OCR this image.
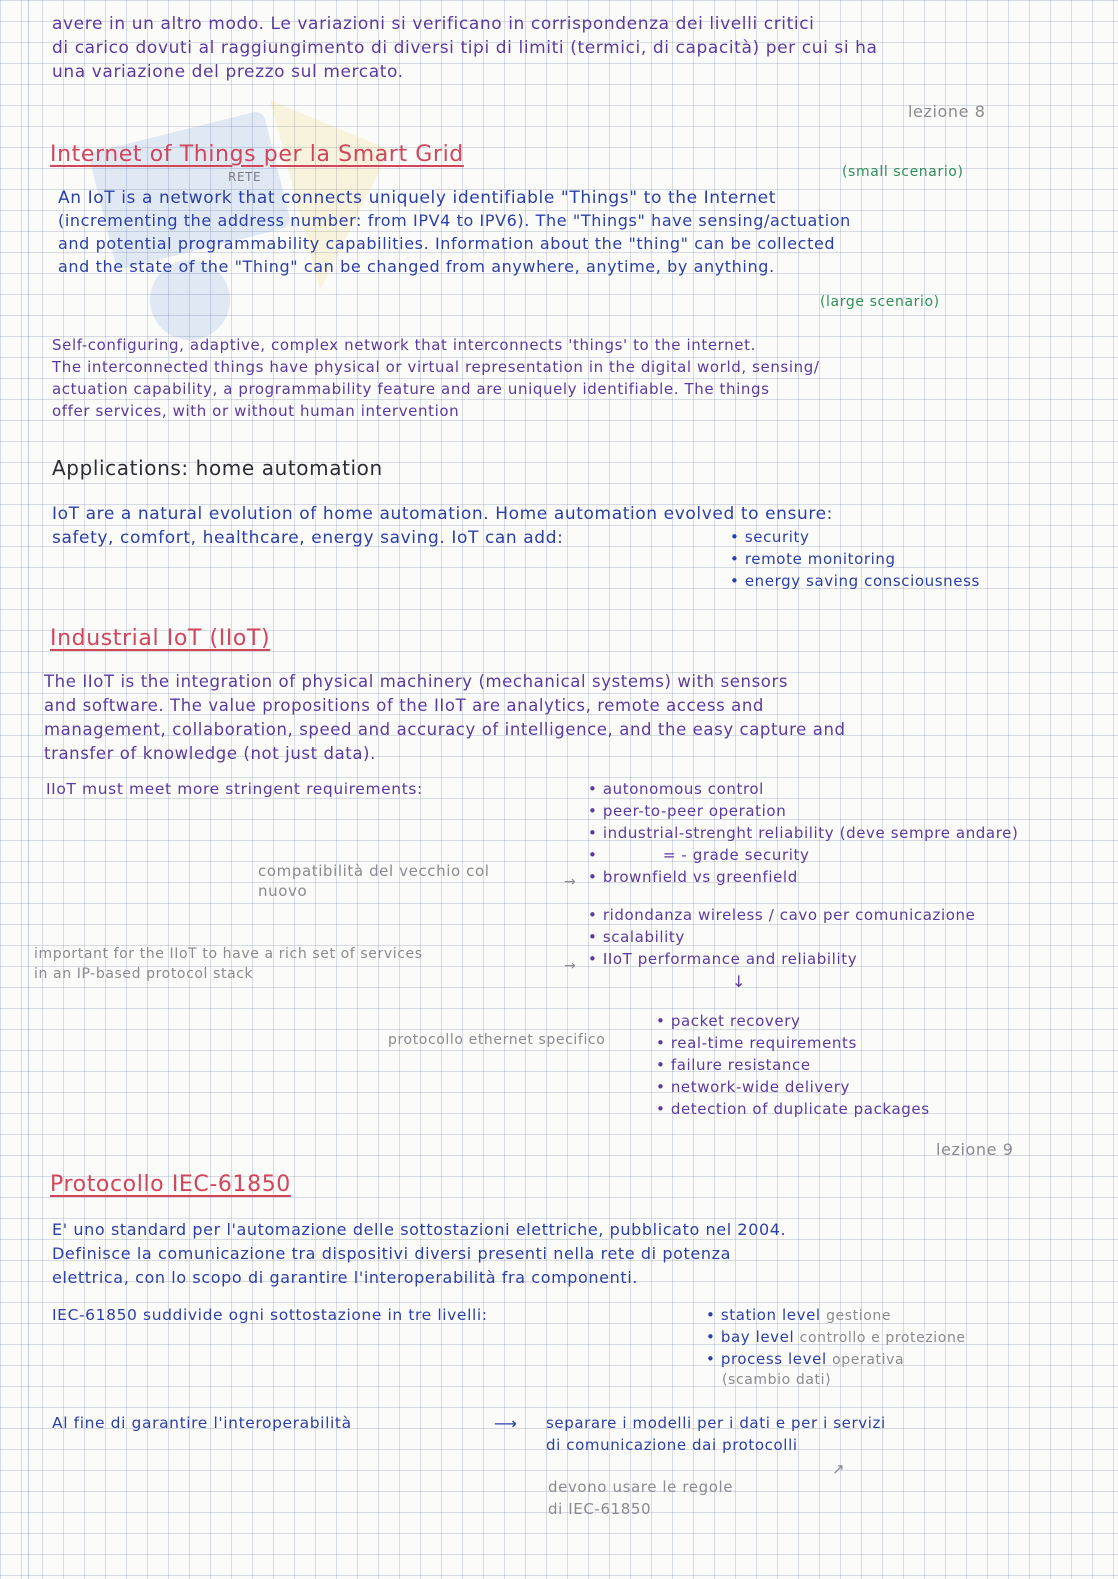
avere in un altro modo. Le variazioni si verificano in corrispondenza dei livelli critici

di carico dovuti al raggiungimento di diversi tipi di limiti (termici, di capacità) per cui si ha

una variazione del prezzo sul mercato.

lezione 8

Internet of Things per la Smart Grid

RETE	(small scenario)

An IoT is a network that connects uniquely identifiable "Things" to the Internet

(incrementing the address number: from IPV4 to IPV6). The "Things" have sensing/actuation

and potential programmability capabilities. Information about the "thing" can be collected

and the state of the "Thing" can be changed from anywhere, anytime, by anything.

(large scenario)

Self-configuring, adaptive, complex network that interconnects 'things' to the internet.

The interconnected things have physical or virtual representation in the digital world, sensing/

actuation capability, a programmability feature and are uniquely identifiable. The things

offer services, with or without human intervention

Applications: home automation

IoT are a natural evolution of home automation. Home automation evolved to ensure:

safety, comfort, healthcare, energy saving. IoT can add:	• security

• remote monitoring

• energy saving consciousness

Industrial IoT (IIoT)

The IIoT is the integration of physical machinery (mechanical systems) with sensors

and software. The value propositions of the IIoT are analytics, remote access and

management, collaboration, speed and accuracy of intelligence, and the easy capture and

transfer of knowledge (not just data).

IIoT must meet more stringent requirements:	• autonomous control

• peer-to-peer operation

• industrial-strenght reliability (deve sempre andare)

•	= - grade security

• brownfield vs greenfield

compatibilità del vecchio col

nuovo	→

• ridondanza wireless / cavo per comunicazione

• scalability

• IIoT performance and reliability

important for the IIoT to have a rich set of services

in an IP-based protocol stack	→

↓

protocollo ethernet specifico

• packet recovery

• real-time requirements

• failure resistance

• network-wide delivery

• detection of duplicate packages

lezione 9

Protocollo IEC-61850

E' uno standard per l'automazione delle sottostazioni elettriche, pubblicato nel 2004.

Definisce la comunicazione tra dispositivi diversi presenti nella rete di potenza

elettrica, con lo scopo di garantire l'interoperabilità fra componenti.

IEC-61850 suddivide ogni sottostazione in tre livelli:	• station level gestione

• bay level controllo e protezione

• process level operativa

(scambio dati)

Al fine di garantire l'interoperabilità	⟶ separare i modelli per i dati e per i servizi

di comunicazione dai protocolli

↗

devono usare le regole

di IEC-61850
